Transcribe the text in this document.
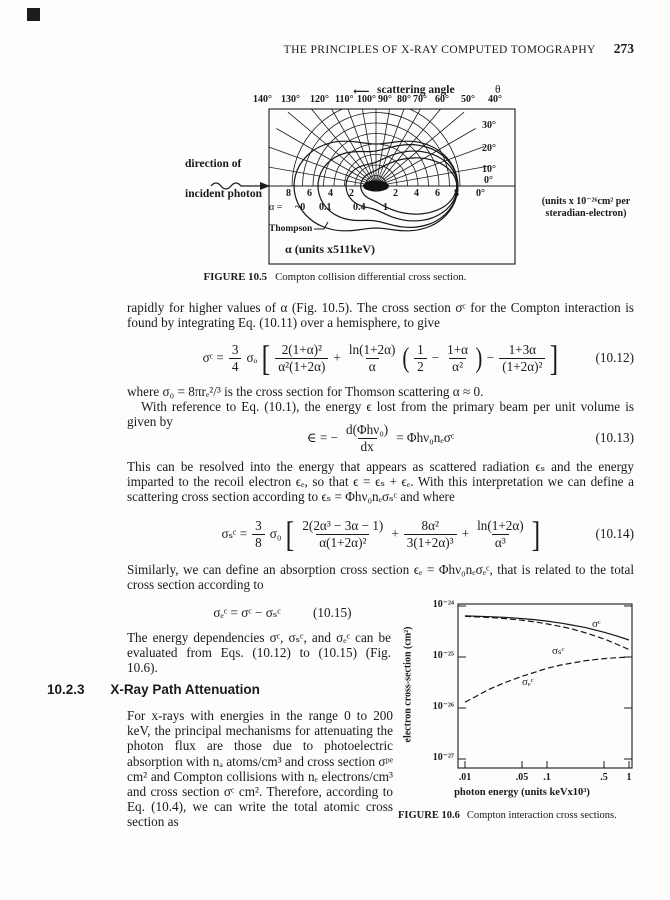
THE PRINCIPLES OF X-RAY COMPUTED TOMOGRAPHY 273
⟵ scattering angle	θ
140° 130° 120° 110° 100° 90° 80° 70° 60° 50° 40°
30°
20°
10°
0°
8 6 4 2	2 4 6 8 0°
α = ~0 0.1 0.4 1
Thompson
α (units x511keV)
(units x 10⁻²⁶cm² per
steradian-electron)
direction of
incident photon
FIGURE 10.5 Compton collision differential cross section.
rapidly for higher values of α (Fig. 10.5). The cross section σᶜ for the Compton interaction is found by integrating Eq. (10.11) over a hemisphere, to give
σᶜ = $\frac{3}{4}$ σₒ [ $\frac{\text{2(1+α)²}}{\text{α²(1+2α)}} + \frac{\ln(1+2\alpha)}{\alpha}$ ( $\frac{1}{2} - \frac{1+\alpha}{\text{α²}}$ ) − $\frac{1+3\alpha}{\text{(1+2α)²}}$ ]	(10.12)
where σ₀ = 8πrₑ²/³ is the cross section for Thomson scattering α ≈ 0.
With reference to Eq. (10.1), the energy ϵ lost from the primary beam per unit volume is given by
∈ = − $\frac{\text{d(Φhν₀)}}{dx}$ = Φhν₀nₑσᶜ	(10.13)
This can be resolved into the energy that appears as scattered radiation ϵₛ and the energy imparted to the recoil electron ϵₑ, so that ϵ = ϵₛ + ϵₑ. With this interpretation we can define a scattering cross section according to ϵₛ = Φhν₀nₑσₛᶜ and where
σₛᶜ = $\frac{3}{8} \sigma_0$ [ $\frac{\text{2(2α³ − 3α − 1)}}{\text{α(1+2α)²}} + \frac{\text{8α²}}{\text{3(1+2α)³}} + \frac{\ln(1+2\alpha)}{\text{α³}}$ ]	(10.14)
Similarly, we can define an absorption cross section ϵₑ = Φhν₀nₑσₑᶜ, that is related to the total cross section according to
σₑᶜ = σᶜ − σₛᶜ (10.15)
The energy dependencies σᶜ, σₛᶜ, and σₑᶜ can be evaluated from Eqs. (10.12) to (10.15) (Fig. 10.6).
10.2.3 X-Ray Path Attenuation
For x-rays with energies in the range 0 to 200 keV, the principal mechanisms for attenuating the photon flux are those due to photoelectric absorption with nₐ atoms/cm³ and cross section σᵖᵉ cm² and Compton collisions with nₑ electrons/cm³ and cross section σᶜ cm². Therefore, according to Eq. (10.4), we can write the total atomic cross section as
10⁻²⁴
10⁻²⁵
10⁻²⁶
10⁻²⁷
.01	.05	.1	.5	1
electron cross-section (cm²)
photon energy (units keVx10³)
σᶜ
σₛᶜ
σₑᶜ
FIGURE 10.6 Compton interaction cross sections.
